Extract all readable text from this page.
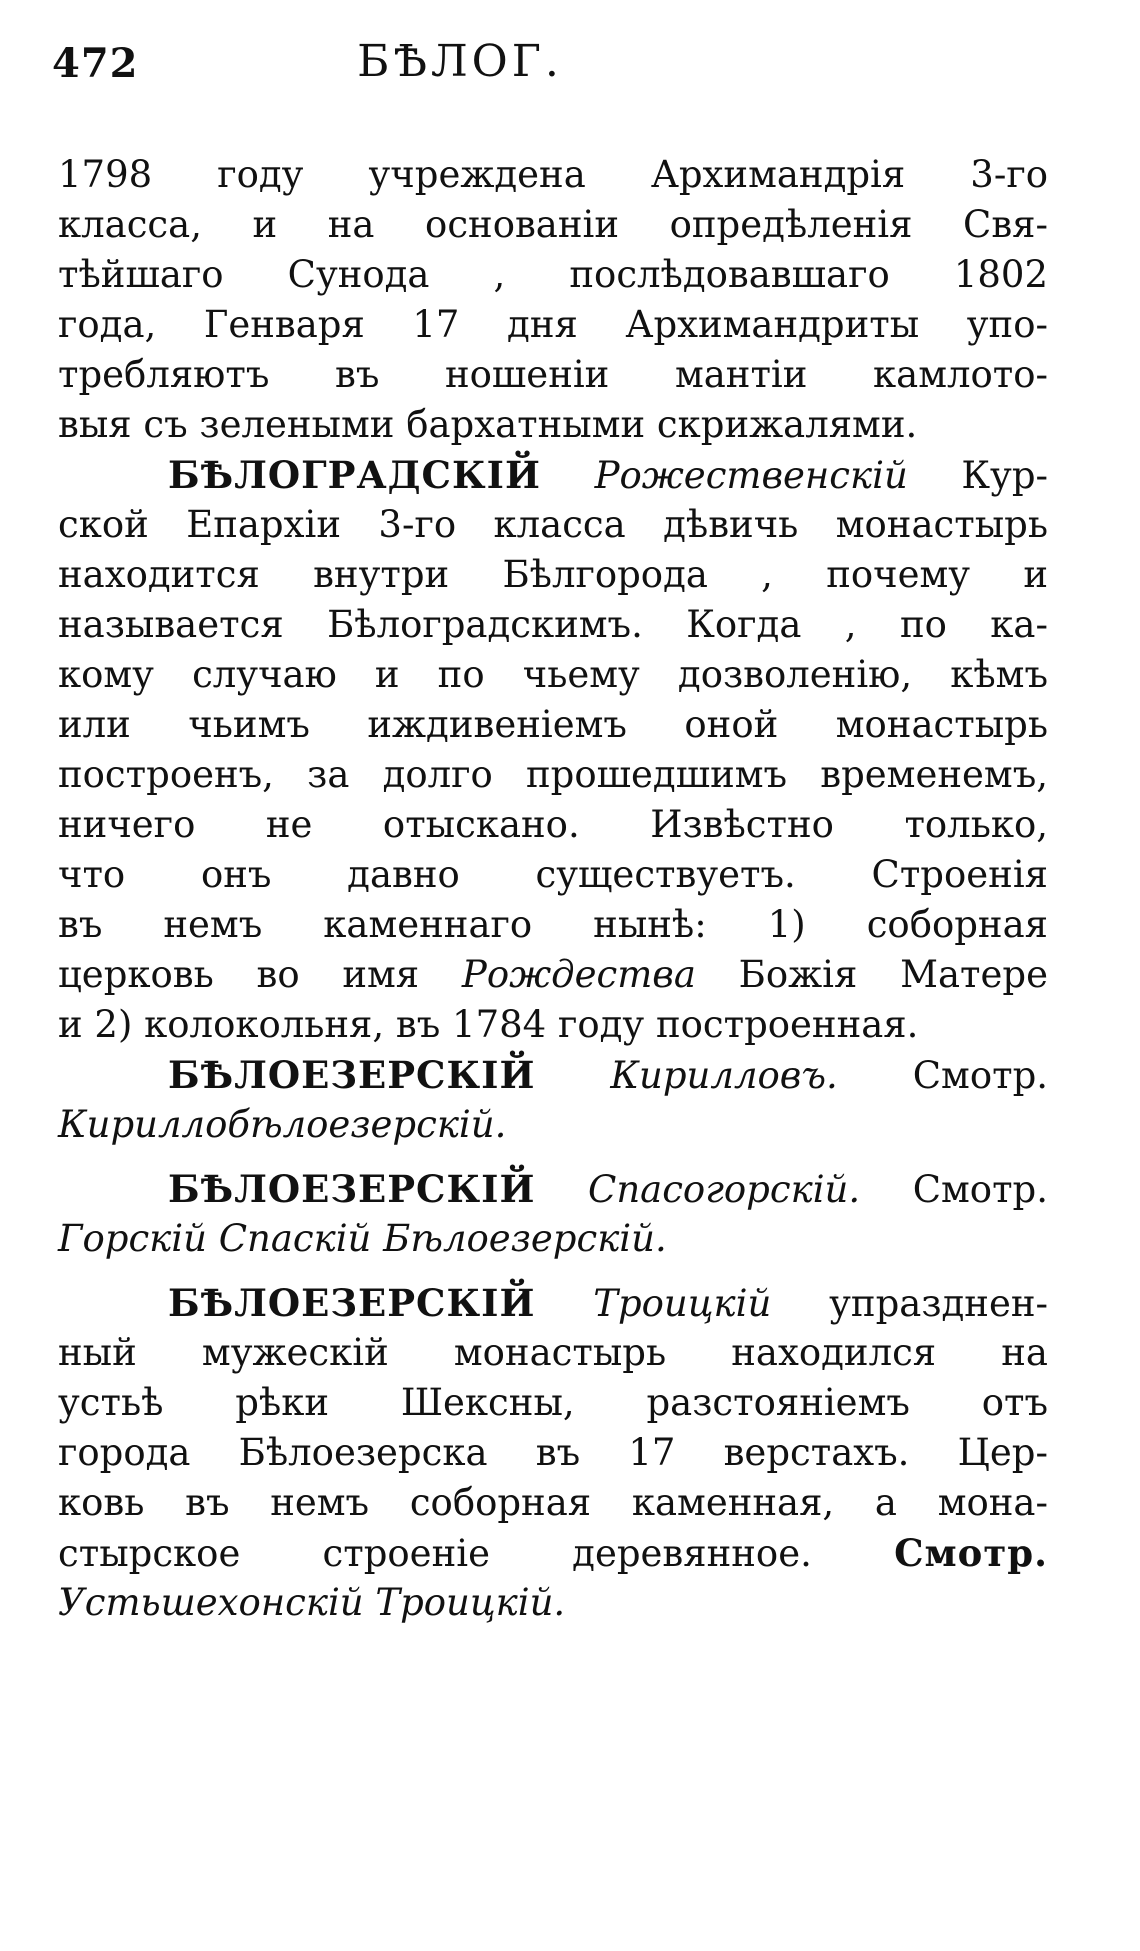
472	БѢЛОГ.
1798 году учреждена Архимандрія 3-го
класса, и на основаніи опредѣленія Свя-
тѣйшаго Сунода , послѣдовавшаго 1802
года, Генваря 17 дня Архимандриты упо-
требляютъ въ ношеніи мантіи камлото-
выя съ зелеными бархатными скрижалями.
БѢЛОГРАДСКІЙ Рожественскій Кур-
ской Епархіи 3-го класса дѣвичь монастырь
находится внутри Бѣлгорода , почему и
называется Бѣлоградскимъ. Когда , по ка-
кому случаю и по чьему дозволенію, кѣмъ
или чьимъ иждивеніемъ оной монастырь
построенъ, за долго прошедшимъ временемъ,
ничего не отыскано. Извѣстно только,
что онъ давно существуетъ. Строенія
въ немъ каменнаго нынѣ: 1) соборная
церковь во имя Рождества Божія Матере
и 2) колокольня, въ 1784 году построенная.
БѢЛОЕЗЕРСКІЙ Кирилловъ. Смотр.
Кириллобѣлоезерскій.
БѢЛОЕЗЕРСКІЙ Спасогорскій. Смотр.
Горскій Спаскій Бѣлоезерскій.
БѢЛОЕЗЕРСКІЙ Троицкій упразднен-
ный мужескій монастырь находился на
устьѣ рѣки Шексны, разстояніемъ отъ
города Бѣлоезерска въ 17 верстахъ. Цер-
ковь въ немъ соборная каменная, а мона-
стырское строеніе деревянное. Смотр.
Устьшехонскій Троицкій.
